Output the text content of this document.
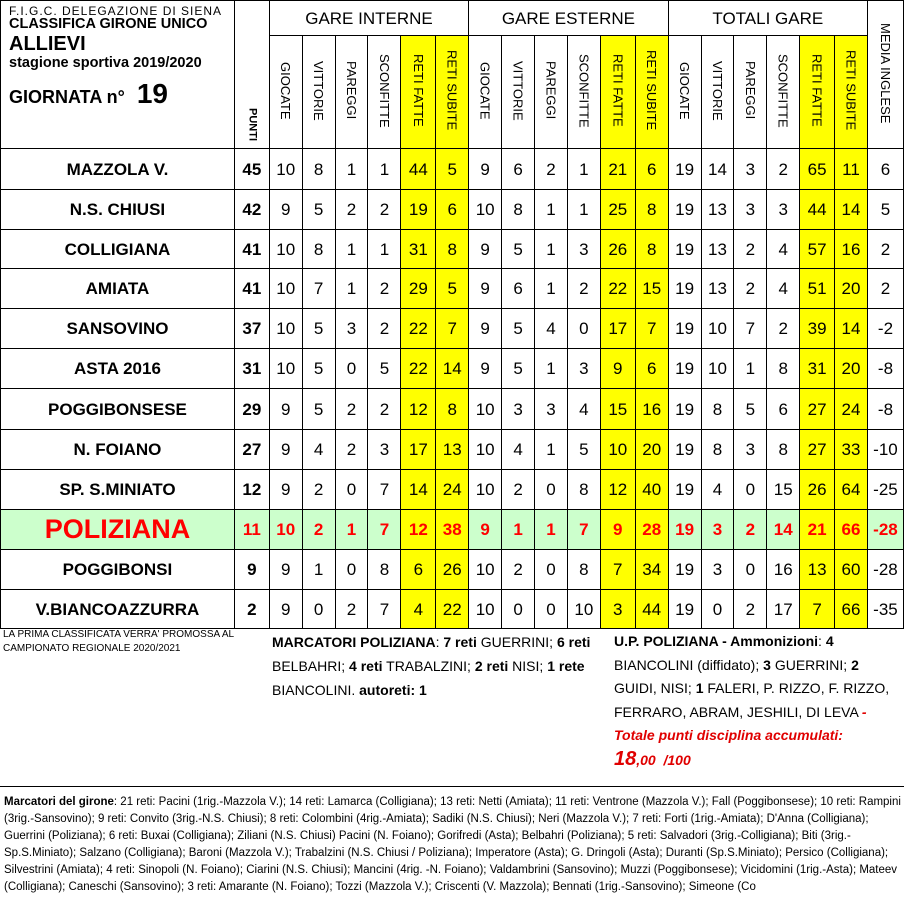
F.I.G.C. DELEGAZIONE DI SIENA
CLASSIFICA GIRONE UNICO
ALLIEVI
stagione sportiva 2019/2020
GIORNATA n° 19	PUNTI	GARE INTERNE						GARE ESTERNE						TOTALI GARE						MEDIA INGLESE
		GIOCATE	VITTORIE	PAREGGI	SCONFITTE	RETI FATTE	RETI SUBITE	GIOCATE	VITTORIE	PAREGGI	SCONFITTE	RETI FATTE	RETI SUBITE	GIOCATE	VITTORIE	PAREGGI	SCONFITTE	RETI FATTE	RETI SUBITE	
MAZZOLA V.	45	10	8	1	1	44	5	9	6	2	1	21	6	19	14	3	2	65	11	6
N.S. CHIUSI	42	9	5	2	2	19	6	10	8	1	1	25	8	19	13	3	3	44	14	5
COLLIGIANA	41	10	8	1	1	31	8	9	5	1	3	26	8	19	13	2	4	57	16	2
AMIATA	41	10	7	1	2	29	5	9	6	1	2	22	15	19	13	2	4	51	20	2
SANSOVINO	37	10	5	3	2	22	7	9	5	4	0	17	7	19	10	7	2	39	14	-2
ASTA 2016	31	10	5	0	5	22	14	9	5	1	3	9	6	19	10	1	8	31	20	-8
POGGIBONSESE	29	9	5	2	2	12	8	10	3	3	4	15	16	19	8	5	6	27	24	-8
N. FOIANO	27	9	4	2	3	17	13	10	4	1	5	10	20	19	8	3	8	27	33	-10
SP. S.MINIATO	12	9	2	0	7	14	24	10	2	0	8	12	40	19	4	0	15	26	64	-25
POLIZIANA	11	10	2	1	7	12	38	9	1	1	7	9	28	19	3	2	14	21	66	-28
POGGIBONSI	9	9	1	0	8	6	26	10	2	0	8	7	34	19	3	0	16	13	60	-28
V.BIANCOAZZURRA	2	9	0	2	7	4	22	10	0	0	10	3	44	19	0	2	17	7	66	-35
LA PRIMA CLASSIFICATA VERRA' PROMOSSA AL CAMPIONATO REGIONALE 2020/2021	MARCATORI POLIZIANA: 7 reti GUERRINI; 6 reti BELBAHRI; 4 reti TRABALZINI; 2 reti NISI; 1 rete BIANCOLINI. autoreti: 1
U.P. POLIZIANA - Ammonizioni: 4 BIANCOLINI (diffidato); 3 GUERRINI; 2 GUIDI, NISI; 1 FALERI, P. RIZZO, F. RIZZO, FERRARO, ABRAM, JESHILI, DI LEVA - Totale punti disciplina accumulati: 18,00 /100
Marcatori del girone: 21 reti: Pacini (1rig.-Mazzola V.); 14 reti: Lamarca (Colligiana); 13 reti: Netti (Amiata); 11 reti: Ventrone (Mazzola V.); Fall (Poggibonsese); 10 reti: Rampini (3rig.-Sansovino); 9 reti: Convito (3rig.-N.S. Chiusi); 8 reti: Colombini (4rig.-Amiata); Sadiki (N.S. Chiusi); Neri (Mazzola V.); 7 reti: Forti (1rig.-Amiata); D'Anna (Colligiana); Guerrini (Poliziana); 6 reti: Buxai (Colligiana); Ziliani (N.S. Chiusi) Pacini (N. Foiano); Gorifredi (Asta); Belbahri (Poliziana); 5 reti: Salvadori (3rig.-Colligiana); Biti (3rig.-Sp.S.Miniato); Salzano (Colligiana); Baroni (Mazzola V.); Trabalzini (N.S. Chiusi / Poliziana); Imperatore (Asta); G. Dringoli (Asta); Duranti (Sp.S.Miniato); Persico (Colligiana); Silvestrini (Amiata); 4 reti: Sinopoli (N. Foiano); Ciarini (N.S. Chiusi); Mancini (4rig. -N. Foiano); Valdambrini (Sansovino); Muzzi (Poggibonsese); Vicidomini (1rig.-Asta); Mateev (Colligiana); Caneschi (Sansovino); 3 reti: Amarante (N. Foiano); Tozzi (Mazzola V.); Criscenti (V. Mazzola); Bennati (1rig.-Sansovino); Simeone (Co
